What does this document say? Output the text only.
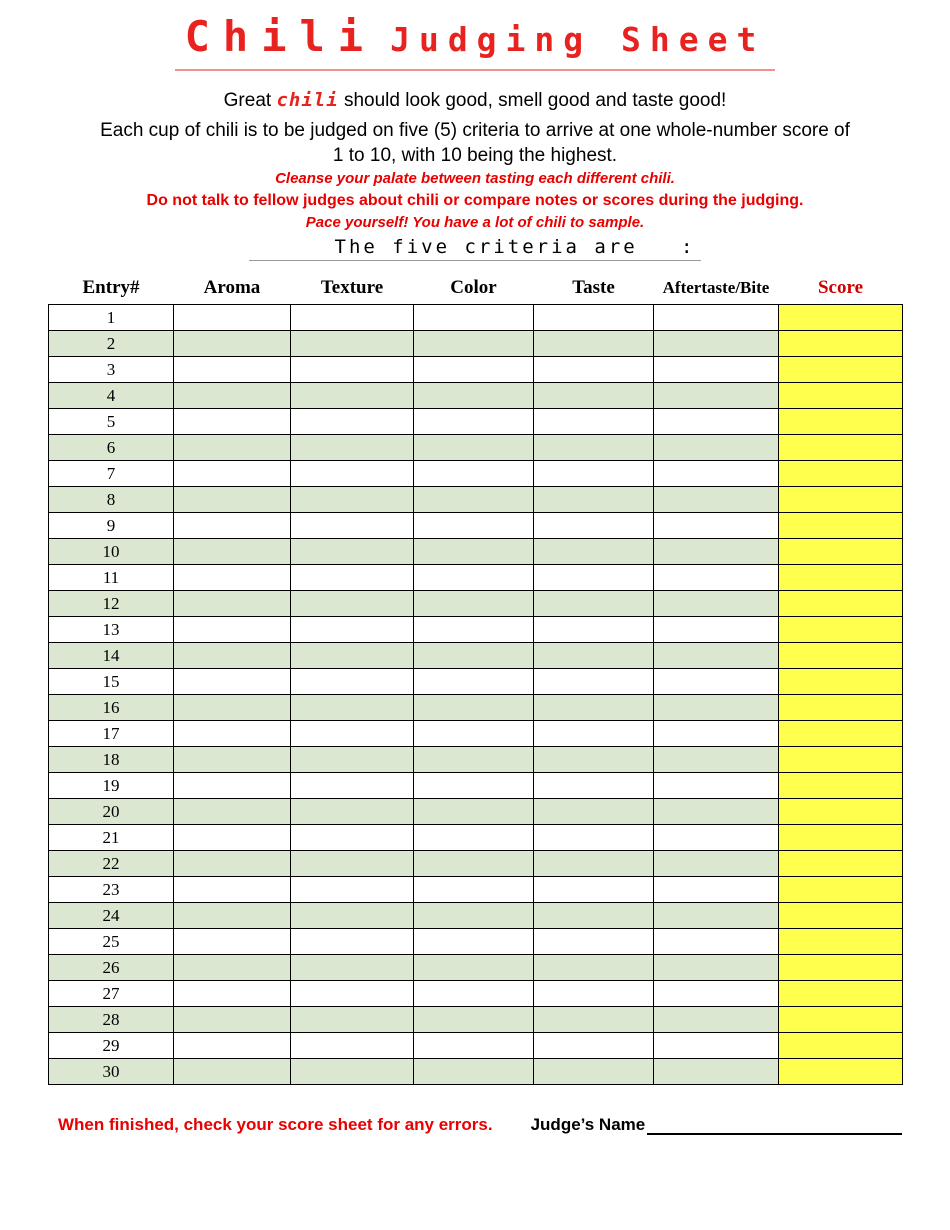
Chili Judging Sheet

Great chili should look good, smell good and taste good!

Each cup of chili is to be judged on five (5) criteria to arrive at one whole-number score of

1 to 10, with 10 being the highest.

Cleanse your palate between tasting each different chili.

Do not talk to fellow judges about chili or compare notes or scores during the judging.

Pace yourself! You have a lot of chili to sample.

The five criteria are   :

Entry#	Aroma	Texture	Color	Taste	Aftertaste/Bite	Score
1						
2						
3						
4						
5						
6						
7						
8						
9						
10						
11						
12						
13						
14						
15						
16						
17						
18						
19						
20						
21						
22						
23						
24						
25						
26						
27						
28						
29						
30						
When finished, check your score sheet for any errors. Judge’s Name
